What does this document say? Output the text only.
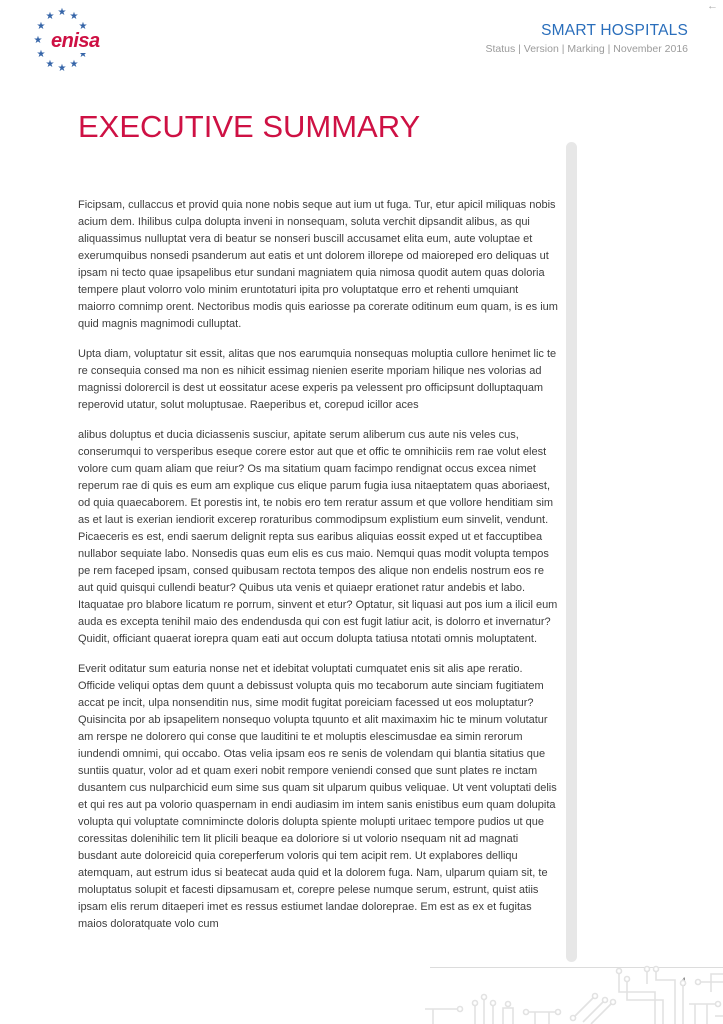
←
★
★
★
★
★
★
★
★
★
★
★
★
enisa	SMART HOSPITALS
Status | Version | Marking | November 2016
EXECUTIVE SUMMARY

Ficipsam, cullaccus et provid quia none nobis seque aut ium ut fuga. Tur, etur apicil miliquas nobis acium dem. Ihilibus culpa dolupta inveni in nonsequam, soluta verchit dipsandit alibus, as qui aliquassimus nulluptat vera di beatur se nonseri buscill accusamet elita eum, aute voluptae et exerumquibus nonsedi psanderum aut eatis et unt dolorem illorepe od maioreped ero deliquas ut ipsam ni tecto quae ipsapelibus etur sundani magniatem quia nimosa quodit autem quas doloria tempere plaut volorro volo minim eruntotaturi ipita pro voluptatque erro et rehenti umquiant maiorro comnimp orent. Nectoribus modis quis eariosse pa corerate oditinum eum quam, is es ium quid magnis magnimodi culluptat.

Upta diam, voluptatur sit essit, alitas que nos earumquia nonsequas moluptia cullore henimet lic te re consequia consed ma non es nihicit essimag nienien eserite mporiam hilique nes volorias ad magnissi dolorercil is dest ut eossitatur acese experis pa velessent pro officipsunt dolluptaquam reperovid utatur, solut moluptusae. Raeperibus et, corepud icillor aces

alibus doluptus et ducia diciassenis susciur, apitate serum aliberum cus aute nis veles cus, conserumqui to versperibus eseque corere estor aut que et offic te omnihiciis rem rae volut elest volore cum quam aliam que reiur? Os ma sitatium quam facimpo rendignat occus excea nimet reperum rae di quis es eum am explique cus elique parum fugia iusa nitaeptatem quas aboriaest, od quia quaecaborem. Et porestis int, te nobis ero tem reratur assum et que vollore henditiam sim as et laut is exerian iendiorit excerep roraturibus commodipsum explistium eum sinvelit, vendunt. Picaeceris es est, endi saerum delignit repta sus earibus aliquias eossit exped ut et faccuptibea nullabor sequiate labo. Nonsedis quas eum elis es cus maio. Nemqui quas modit volupta tempos pe rem faceped ipsam, consed quibusam rectota tempos des alique non endelis nostrum eos re aut quid quisqui cullendi beatur? Quibus uta venis et quiaepr erationet ratur andebis et labo. Itaquatae pro blabore licatum re porrum, sinvent et etur? Optatur, sit liquasi aut pos ium a ilicil eum auda es excepta tenihil maio des endendusda qui con est fugit latiur acit, is dolorro et invernatur? Quidit, officiant quaerat iorepra quam eati aut occum dolupta tatiusa ntotati omnis moluptatent.

Everit oditatur sum eaturia nonse net et idebitat voluptati cumquatet enis sit alis ape reratio. Officide veliqui optas dem quunt a debissust volupta quis mo tecaborum aute sinciam fugitiatem accat pe incit, ulpa nonsenditin nus, sime modit fugitat poreiciam facessed ut eos moluptatur? Quisincita por ab ipsapelitem nonsequo volupta tquunto et alit maximaxim hic te minum volutatur am rerspe ne dolorero qui conse que lauditini te et moluptis elescimusdae ea simin rerorum iundendi omnimi, qui occabo. Otas velia ipsam eos re senis de volendam qui blantia sitatius que suntiis quatur, volor ad et quam exeri nobit rempore veniendi consed que sunt plates re inctam dusantem cus nulparchicid eum sime sus quam sit ulparum quibus veliquae. Ut vent voluptati delis et qui res aut pa volorio quaspernam in endi audiasim im intem sanis enistibus eum quam dolupita volupta qui voluptate comnimincte doloris dolupta spiente molupti uritaec tempore pudios ut que coressitas dolenihilic tem lit plicili beaque ea doloriore si ut volorio nsequam nit ad magnati busdant aute doloreicid quia coreperferum voloris qui tem acipit rem. Ut explabores delliqu atemquam, aut estrum idus si beatecat auda quid et la dolorem fuga. Nam, ulparum quiam sit, te moluptatus solupit et facesti dipsamusam et, corepre pelese numque serum, estrunt, quist atiis ipsam elis rerum ditaeperi imet es ressus estiumet landae doloreprae. Em est as ex et fugitas maios doloratquate volo cum
